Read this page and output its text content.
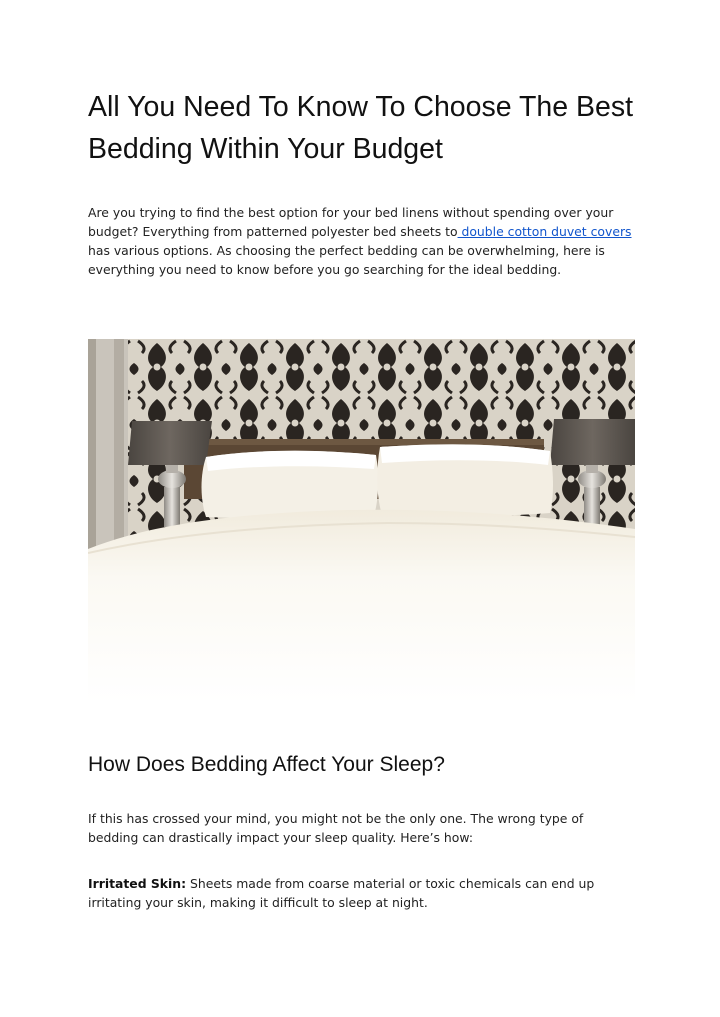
All You Need To Know To Choose The Best Bedding Within Your Budget

Are you trying to find the best option for your bed linens without spending over your budget? Everything from patterned polyester bed sheets to double cotton duvet covers has various options. As choosing the perfect bedding can be overwhelming, here is everything you need to know before you go searching for the ideal bedding.

How Does Bedding Affect Your Sleep?

If this has crossed your mind, you might not be the only one. The wrong type of bedding can drastically impact your sleep quality. Here’s how:

Irritated Skin: Sheets made from coarse material or toxic chemicals can end up irritating your skin, making it difficult to sleep at night.
